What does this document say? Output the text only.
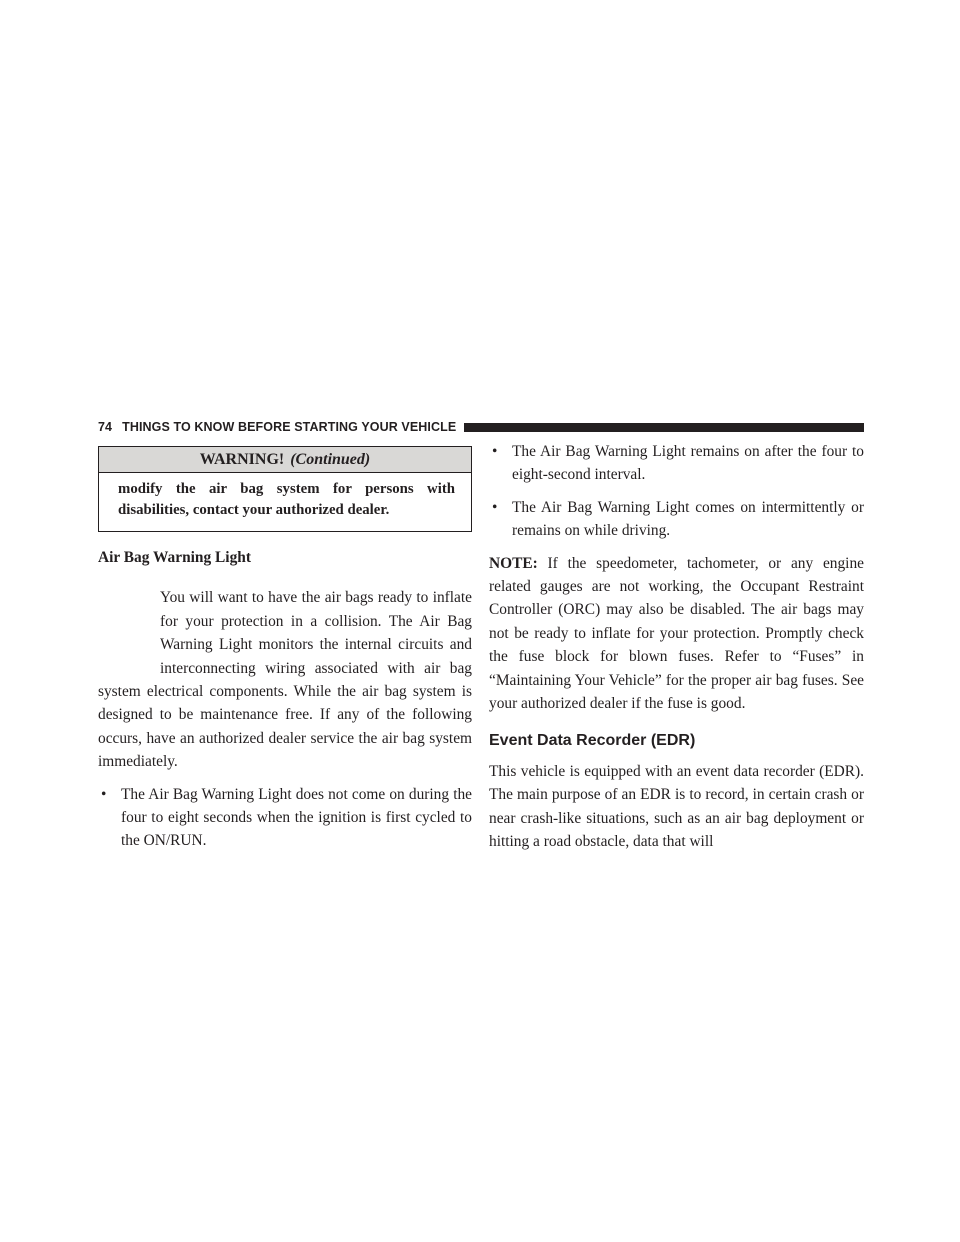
74 THINGS TO KNOW BEFORE STARTING YOUR VEHICLE
WARNING! (Continued)
modify the air bag system for persons with disabilities, contact your authorized dealer.
Air Bag Warning Light

You will want to have the air bags ready to inflate for your protection in a collision. The Air Bag Warning Light monitors the internal circuits and interconnecting wiring associated with air bag system electrical components. While the air bag system is designed to be maintenance free. If any of the following occurs, have an authorized dealer service the air bag system immediately.

• The Air Bag Warning Light does not come on during the four to eight seconds when the ignition is first cycled to the ON/RUN.
• The Air Bag Warning Light remains on after the four to eight-second interval.
• The Air Bag Warning Light comes on intermittently or remains on while driving.

NOTE: If the speedometer, tachometer, or any engine related gauges are not working, the Occupant Restraint Controller (ORC) may also be disabled. The air bags may not be ready to inflate for your protection. Promptly check the fuse block for blown fuses. Refer to “Fuses” in “Maintaining Your Vehicle” for the proper air bag fuses. See your authorized dealer if the fuse is good.

Event Data Recorder (EDR)

This vehicle is equipped with an event data recorder (EDR). The main purpose of an EDR is to record, in certain crash or near crash-like situations, such as an air bag deployment or hitting a road obstacle, data that will
